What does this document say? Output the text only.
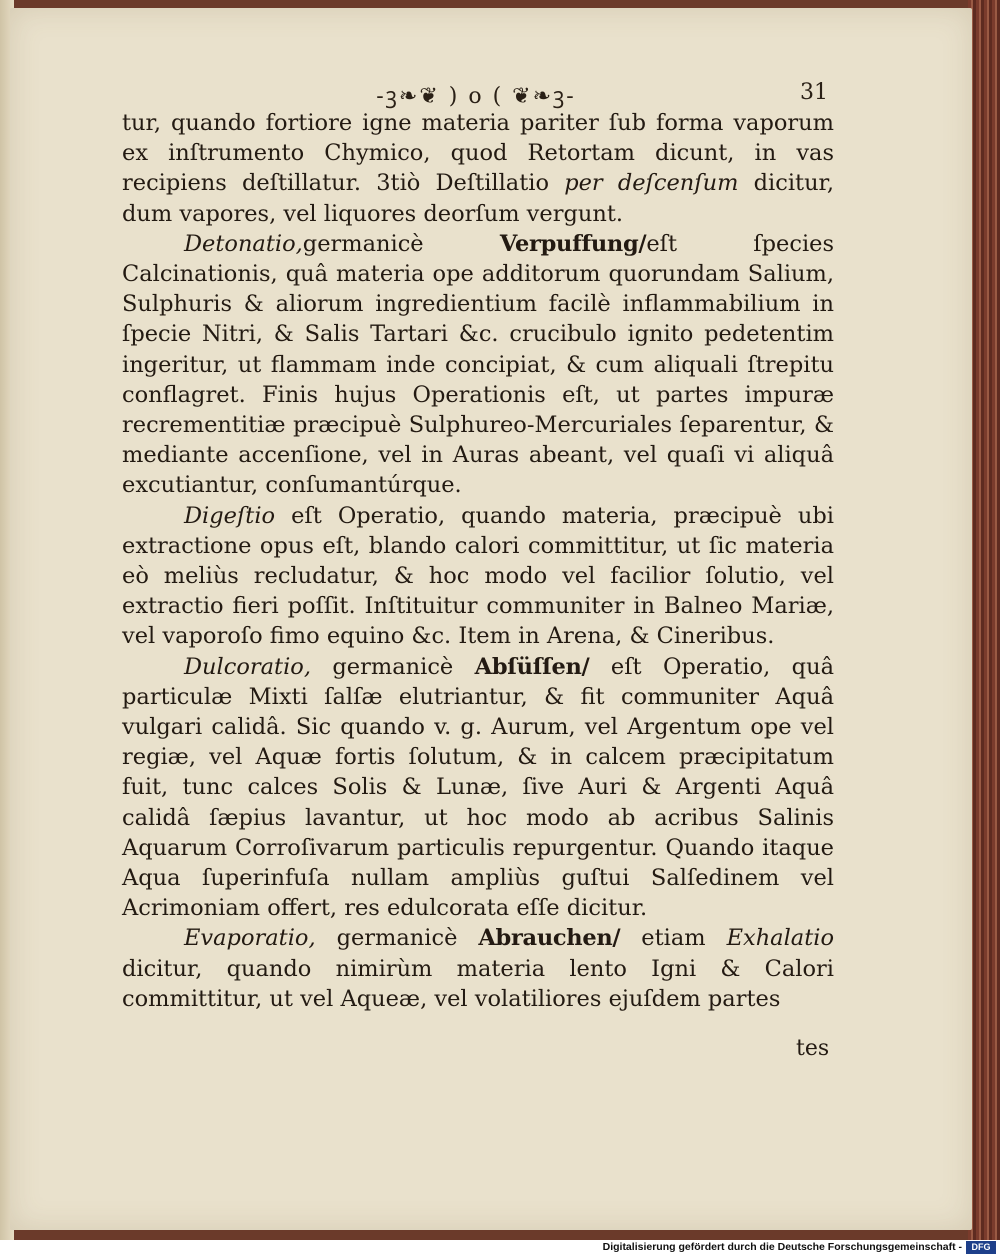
-ꝫ❧❦ ) o ( ❦❧ꝫ-	31

tur, quando fortiore igne materia pariter ſub forma vaporum ex inſtrumento Chymico, quod Retortam dicunt, in vas recipiens deſtillatur. 3tiò Deſtillatio per deſcenſum dicitur, dum vapores, vel liquores deorſum vergunt.

Detonatio,germanicè Verpuffung/eſt ſpecies Calcinationis, quâ materia ope additorum quorundam Salium, Sulphuris & aliorum ingredientium facilè inflammabilium in ſpecie Nitri, & Salis Tartari &c. crucibulo ignito pedetentim ingeritur, ut flammam inde concipiat, & cum aliquali ſtrepitu conflagret. Finis hujus Operationis eſt, ut partes impuræ recrementitiæ præcipuè Sulphureo-Mercuriales ſeparentur, & mediante accenſione, vel in Auras abeant, vel quaſi vi aliquâ excutiantur, conſumantúrque.

Digeſtio eſt Operatio, quando materia, præcipuè ubi extractione opus eſt, blando calori committitur, ut ſic materia eò meliùs recludatur, & hoc modo vel facilior ſolutio, vel extractio fieri poſſit. Inſtituitur communiter in Balneo Mariæ, vel vaporoſo fimo equino &c. Item in Arena, & Cineribus.

Dulcoratio, germanicè Abſüſſen/ eſt Operatio, quâ particulæ Mixti ſalſæ elutriantur, & fit communiter Aquâ vulgari calidâ. Sic quando v. g. Aurum, vel Argentum ope vel regiæ, vel Aquæ fortis ſolutum, & in calcem præcipitatum fuit, tunc calces Solis & Lunæ, ſive Auri & Argenti Aquâ calidâ ſæpius lavantur, ut hoc modo ab acribus Salinis Aquarum Corroſivarum particulis repurgentur. Quando itaque Aqua ſuperinfuſa nullam ampliùs guſtui Salſedinem vel Acrimoniam offert, res edulcorata eſſe dicitur.

Evaporatio, germanicè Abrauchen/ etiam Exhalatio dicitur, quando nimirùm materia lento Igni & Calori committitur, ut vel Aqueæ, vel volatiliores ejuſdem partes

tes
Digitalisierung gefördert durch die Deutsche Forschungsgemeinschaft -	DFG
